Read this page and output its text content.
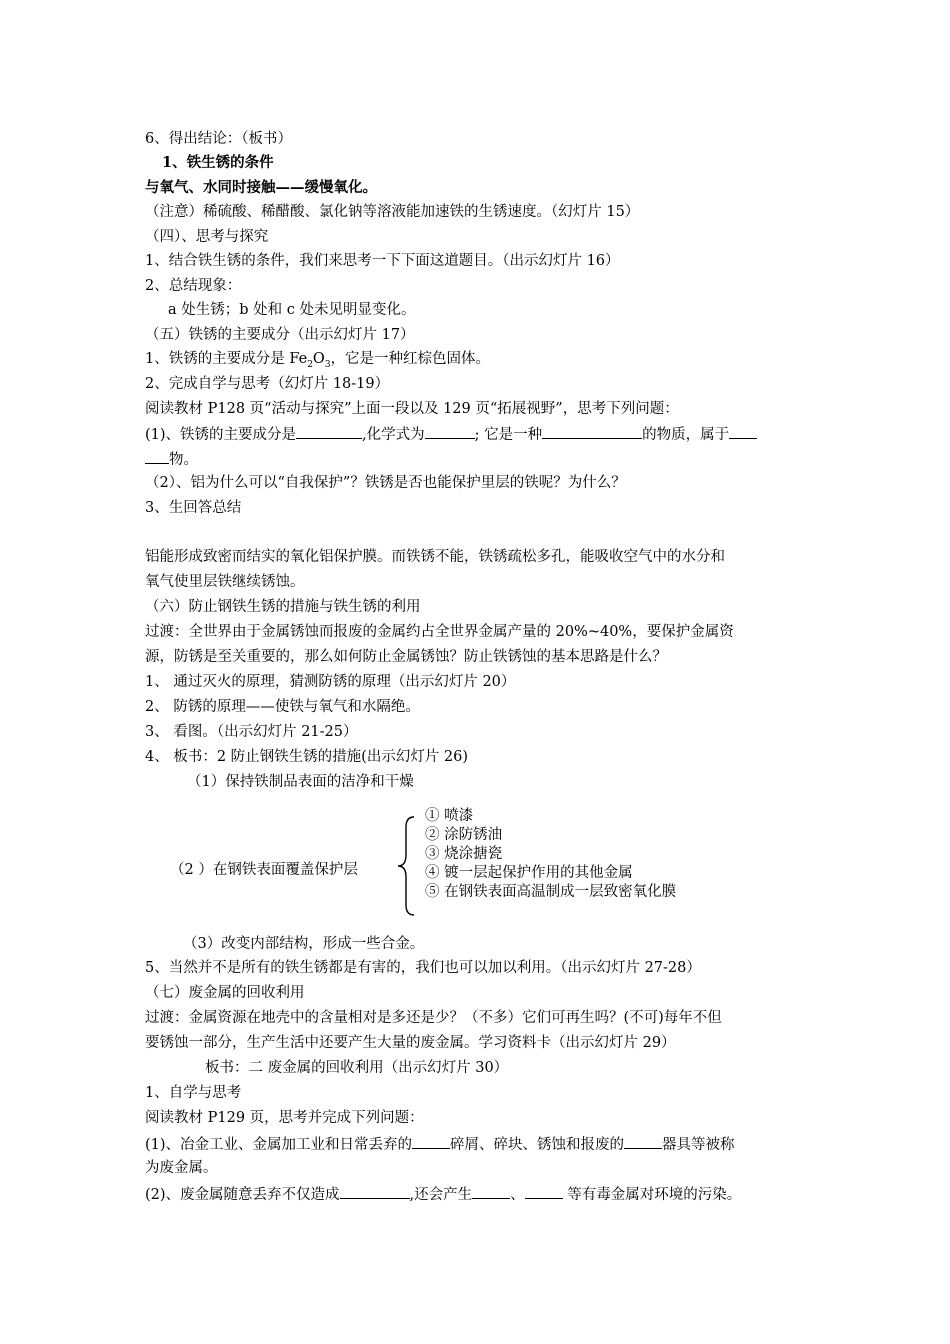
6、得出结论：（板书）
1、铁生锈的条件
与氧气、水同时接触——缓慢氧化。
（注意）稀硫酸、稀醋酸、氯化钠等溶液能加速铁的生锈速度。（幻灯片 15）
（四）、思考与探究
1、结合铁生锈的条件，我们来思考一下下面这道题目。（出示幻灯片 16）
2、总结现象：
a 处生锈；b 处和 c 处未见明显变化。
（五）铁锈的主要成分（出示幻灯片 17）
1、铁锈的主要成分是 $Fe_2O_3$，它是一种红棕色固体。
2、完成自学与思考（幻灯片 18-19）
阅读教材 P128 页“活动与探究”上面一段以及 129 页“拓展视野”，思考下列问题：
(1)、铁锈的主要成分是	,化学式为	; 它是一种	的物质，属于
物。
（2）、铝为什么可以“自我保护”？铁锈是否也能保护里层的铁呢？为什么？
3、生回答总结
铝能形成致密而结实的氧化铝保护膜。而铁锈不能，铁锈疏松多孔，能吸收空气中的水分和
氧气使里层铁继续锈蚀。
（六）防止钢铁生锈的措施与铁生锈的利用
过渡：全世界由于金属锈蚀而报废的金属约占全世界金属产量的 20%~40%，要保护金属资
源，防锈是至关重要的，那么如何防止金属锈蚀？防止铁锈蚀的基本思路是什么？
1、 通过灭火的原理，猜测防锈的原理（出示幻灯片 20）
2、 防锈的原理——使铁与氧气和水隔绝。
3、 看图。（出示幻灯片 21-25）
4、 板书：2 防止钢铁生锈的措施(出示幻灯片 26)
（1）保持铁制品表面的洁净和干燥
（2 ）在钢铁表面覆盖保护层
① 喷漆
② 涂防锈油
③ 烧涂搪瓷
④ 镀一层起保护作用的其他金属
⑤ 在钢铁表面高温制成一层致密氧化膜
（3）改变内部结构，形成一些合金。
5、当然并不是所有的铁生锈都是有害的，我们也可以加以利用。（出示幻灯片 27-28）
（七）废金属的回收利用
过渡：金属资源在地壳中的含量相对是多还是少？（不多）它们可再生吗？(不可)每年不但
要锈蚀一部分，生产生活中还要产生大量的废金属。学习资料卡（出示幻灯片 29）
板书：二 废金属的回收利用（出示幻灯片 30）
1、自学与思考
阅读教材 P129 页，思考并完成下列问题：
(1)、冶金工业、金属加工业和日常丢弃的	碎屑、碎块、锈蚀和报废的	器具等被称
为废金属。
(2)、废金属随意丢弃不仅造成	,还会产生	、	等有毒金属对环境的污染。
